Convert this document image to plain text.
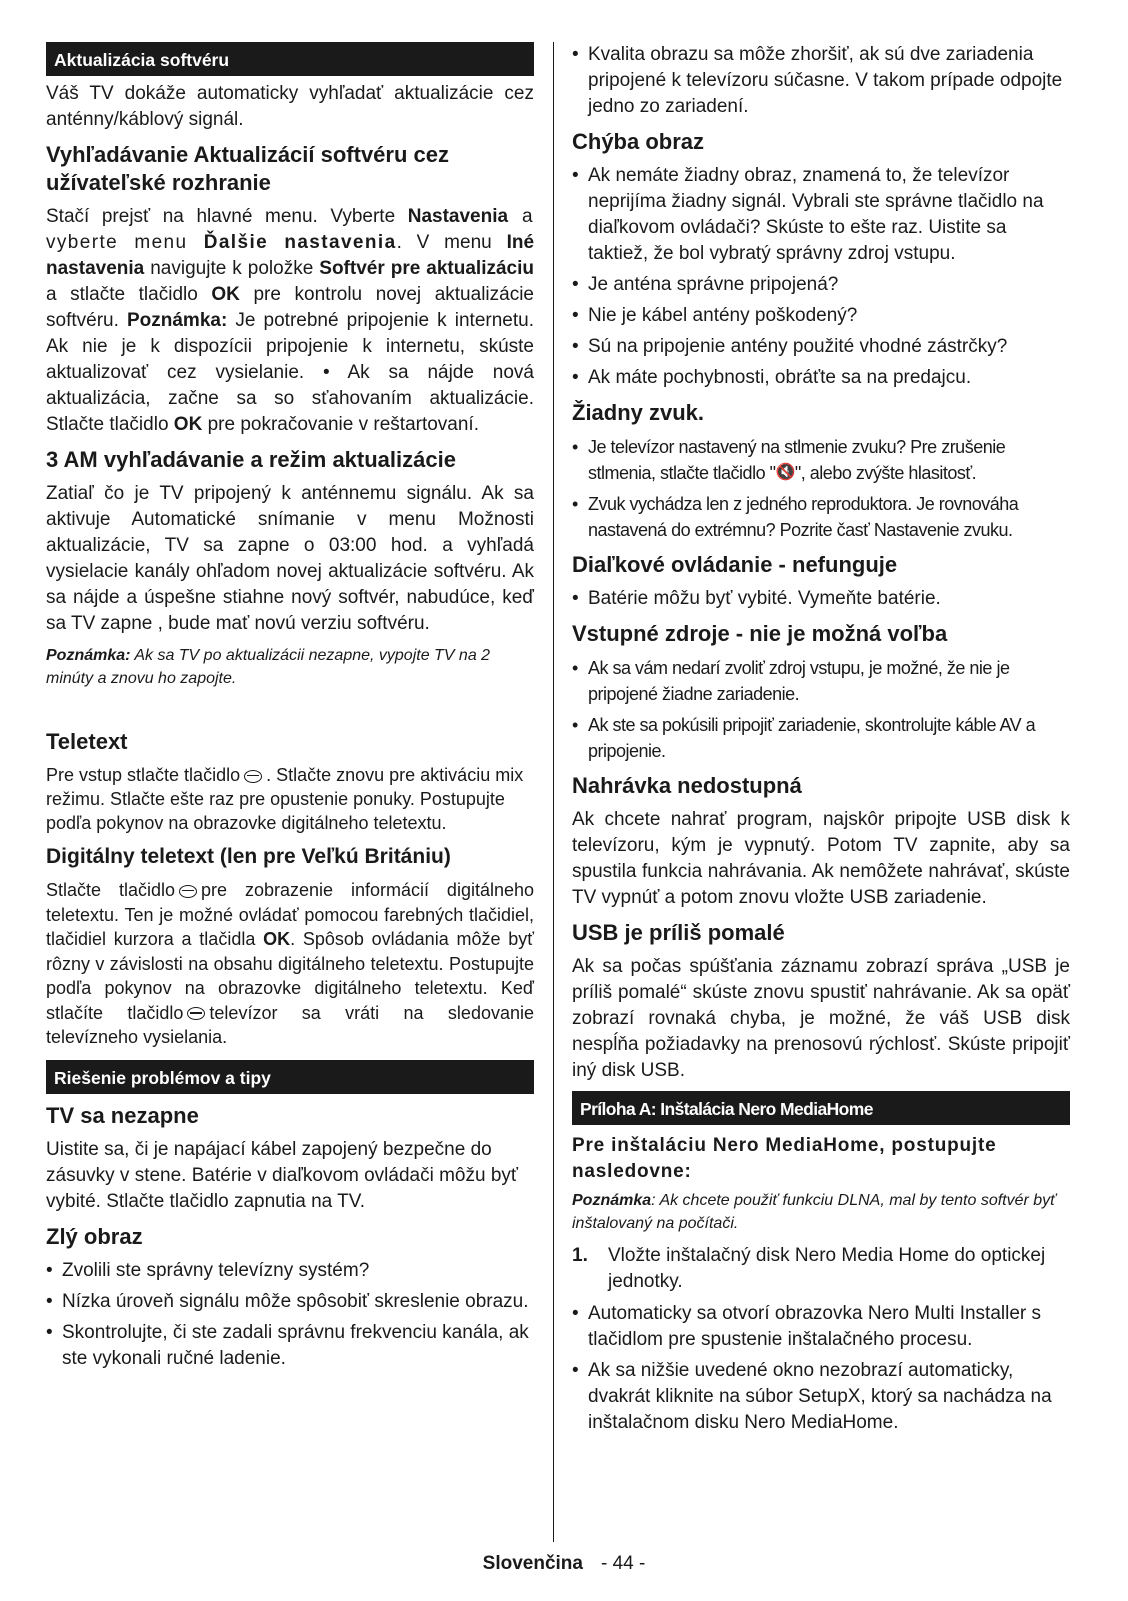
Aktualizácia softvéru

Váš TV dokáže automaticky vyhľadať aktualizácie cez anténny/káblový signál.

Vyhľadávanie Aktualizácií softvéru cez užívateľské rozhranie

Stačí prejsť na hlavné menu. Vyberte Nastavenia a vyberte menu Ďalšie nastavenia. V menu Iné nastavenia navigujte k položke Softvér pre aktualizáciu a stlačte tlačidlo OK pre kontrolu novej aktualizácie softvéru. Poznámka: Je potrebné pripojenie k internetu. Ak nie je k dispozícii pripojenie k internetu, skúste aktualizovať cez vysielanie. • Ak sa nájde nová aktualizácia, začne sa so sťahovaním aktualizácie. Stlačte tlačidlo OK pre pokračovanie v reštartovaní.

3 AM vyhľadávanie a režim aktualizácie

Zatiaľ čo je TV pripojený k anténnemu signálu. Ak sa aktivuje Automatické snímanie v menu Možnosti aktualizácie, TV sa zapne o 03:00 hod. a vyhľadá vysielacie kanály ohľadom novej aktualizácie softvéru. Ak sa nájde a úspešne stiahne nový softvér, nabudúce, keď sa TV zapne , bude mať novú verziu softvéru.

Poznámka: Ak sa TV po aktualizácii nezapne, vypojte TV na 2 minúty a znovu ho zapojte.

Teletext

Pre vstup stlačte tlačidlo . Stlačte znovu pre aktiváciu mix režimu. Stlačte ešte raz pre opustenie ponuky. Postupujte podľa pokynov na obrazovke digitálneho teletextu.

Digitálny teletext (len pre Veľkú Britániu)

Stlačte tlačidlo pre zobrazenie informácií digitálneho teletextu. Ten je možné ovládať pomocou farebných tlačidiel, tlačidiel kurzora a tlačidla OK. Spôsob ovládania môže byť rôzny v závislosti na obsahu digitálneho teletextu. Postupujte podľa pokynov na obrazovke digitálneho teletextu. Keď stlačíte tlačidlo televízor sa vráti na sledovanie televízneho vysielania.

Riešenie problémov a tipy
TV sa nezapne

Uistite sa, či je napájací kábel zapojený bezpečne do zásuvky v stene. Batérie v diaľkovom ovládači môžu byť vybité. Stlačte tlačidlo zapnutia na TV.

Zlý obraz
• Zvolili ste správny televízny systém?
• Nízka úroveň signálu môže spôsobiť skreslenie obrazu.
• Skontrolujte, či ste zadali správnu frekvenciu kanála, ak ste vykonali ručné ladenie.
• Kvalita obrazu sa môže zhoršiť, ak sú dve zariadenia pripojené k televízoru súčasne. V takom prípade odpojte jedno zo zariadení.
Chýba obraz
• Ak nemáte žiadny obraz, znamená to, že televízor neprijíma žiadny signál. Vybrali ste správne tlačidlo na diaľkovom ovládači? Skúste to ešte raz. Uistite sa taktiež, že bol vybratý správny zdroj vstupu.
• Je anténa správne pripojená?
• Nie je kábel antény poškodený?
• Sú na pripojenie antény použité vhodné zástrčky?
• Ak máte pochybnosti, obráťte sa na predajcu.
Žiadny zvuk.
• Je televízor nastavený na stlmenie zvuku? Pre zrušenie stlmenia, stlačte tlačidlo "🔇", alebo zvýšte hlasitosť.
• Zvuk vychádza len z jedného reproduktora. Je rovnováha nastavená do extrémnu? Pozrite časť Nastavenie zvuku.
Diaľkové ovládanie - nefunguje
• Batérie môžu byť vybité. Vymeňte batérie.
Vstupné zdroje - nie je možná voľba
• Ak sa vám nedarí zvoliť zdroj vstupu, je možné, že nie je pripojené žiadne zariadenie.
• Ak ste sa pokúsili pripojiť zariadenie, skontrolujte káble AV a pripojenie.
Nahrávka nedostupná

Ak chcete nahrať program, najskôr pripojte USB disk k televízoru, kým je vypnutý. Potom TV zapnite, aby sa spustila funkcia nahrávania. Ak nemôžete nahrávať, skúste TV vypnúť a potom znovu vložte USB zariadenie.

USB je príliš pomalé

Ak sa počas spúšťania záznamu zobrazí správa „USB je príliš pomalé“ skúste znovu spustiť nahrávanie. Ak sa opäť zobrazí rovnaká chyba, je možné, že váš USB disk nespĺňa požiadavky na prenosovú rýchlosť. Skúste pripojiť iný disk USB.

Príloha A: Inštalácia Nero MediaHome
Pre inštaláciu Nero MediaHome, postupujte nasledovne:

Poznámka: Ak chcete použiť funkciu DLNA, mal by tento softvér byť inštalovaný na počítači.

1. Vložte inštalačný disk Nero Media Home do optickej jednotky.
• Automaticky sa otvorí obrazovka Nero Multi Installer s tlačidlom pre spustenie inštalačného procesu.
• Ak sa nižšie uvedené okno nezobrazí automaticky, dvakrát kliknite na súbor SetupX, ktorý sa nachádza na inštalačnom disku Nero MediaHome.
Slovenčina - 44 -
